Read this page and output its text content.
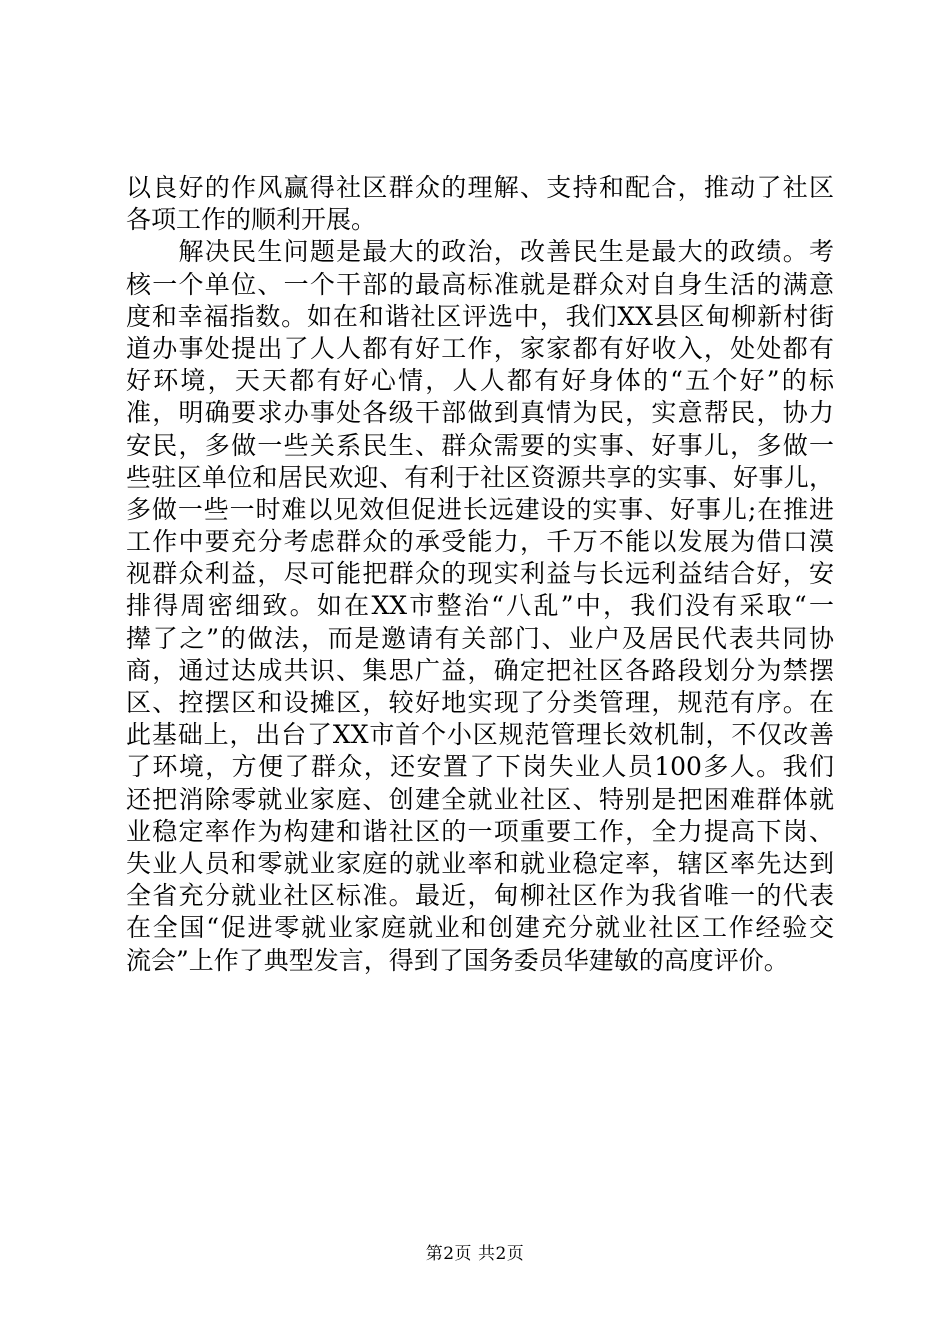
以良好的作风赢得社区群众的理解、支持和配合，推动了社区
各项工作的顺利开展。
　　解决民生问题是最大的政治，改善民生是最大的政绩。考
核一个单位、一个干部的最高标准就是群众对自身生活的满意
度和幸福指数。如在和谐社区评选中，我们XX县区甸柳新村街
道办事处提出了人人都有好工作，家家都有好收入，处处都有
好环境，天天都有好心情，人人都有好身体的“五个好”的标
准，明确要求办事处各级干部做到真情为民，实意帮民，协力
安民，多做一些关系民生、群众需要的实事、好事儿，多做一
些驻区单位和居民欢迎、有利于社区资源共享的实事、好事儿，
多做一些一时难以见效但促进长远建设的实事、好事儿;在推进
工作中要充分考虑群众的承受能力，千万不能以发展为借口漠
视群众利益，尽可能把群众的现实利益与长远利益结合好，安
排得周密细致。如在XX市整治“八乱”中，我们没有采取“一
撵了之”的做法，而是邀请有关部门、业户及居民代表共同协
商，通过达成共识、集思广益，确定把社区各路段划分为禁摆
区、控摆区和设摊区，较好地实现了分类管理，规范有序。在
此基础上，出台了XX市首个小区规范管理长效机制，不仅改善
了环境，方便了群众，还安置了下岗失业人员100多人。我们
还把消除零就业家庭、创建全就业社区、特别是把困难群体就
业稳定率作为构建和谐社区的一项重要工作，全力提高下岗、
失业人员和零就业家庭的就业率和就业稳定率，辖区率先达到
全省充分就业社区标准。最近，甸柳社区作为我省唯一的代表
在全国“促进零就业家庭就业和创建充分就业社区工作经验交
流会”上作了典型发言，得到了国务委员华建敏的高度评价。
第2页 共2页
